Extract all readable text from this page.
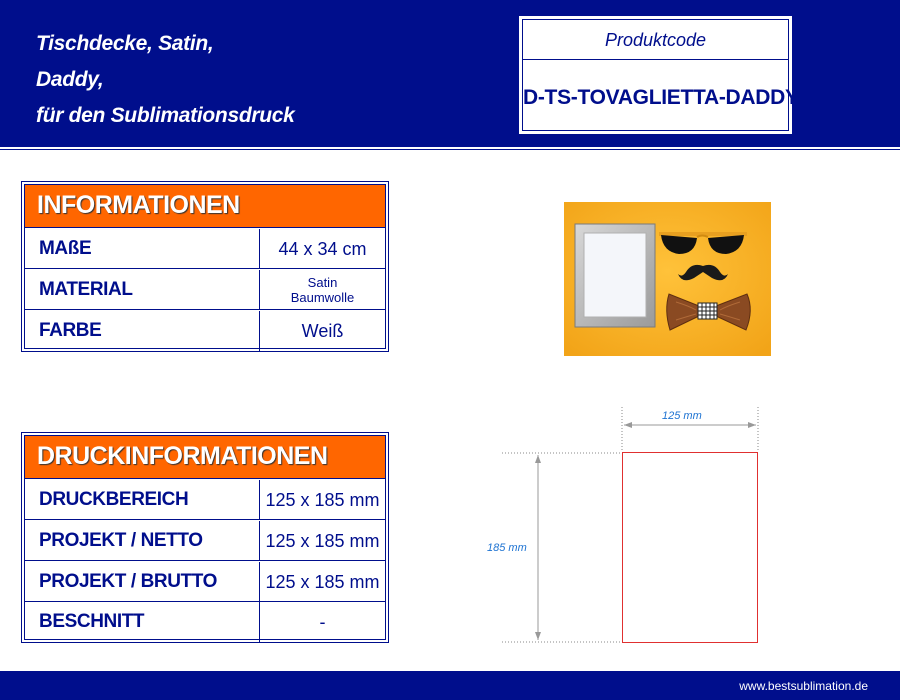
Tischdecke, Satin,
Daddy,
für den Sublimationsdruck
Produktcode
D-TS-TOVAGLIETTA-DADDY
INFORMATIONEN
MAßE	44 x 34 cm
MATERIAL	Satin
Baumwolle
FARBE	Weiß
DRUCKINFORMATIONEN
DRUCKBEREICH	125 x 185 mm
PROJEKT / NETTO	125 x 185 mm
PROJEKT / BRUTTO	125 x 185 mm
BESCHNITT	-
125 mm
185 mm
www.bestsublimation.de
